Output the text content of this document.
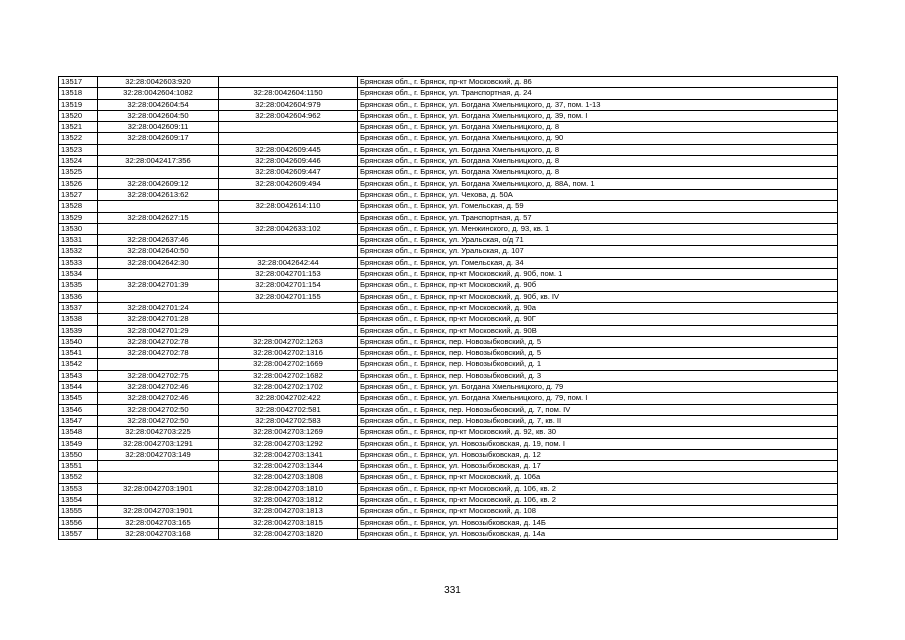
13517	32:28:0042603:920		Брянская обл., г. Брянск, пр-кт Московский, д. 86
13518	32:28:0042604:1082	32:28:0042604:1150	Брянская обл., г. Брянск, ул. Транспортная, д. 24
13519	32:28:0042604:54	32:28:0042604:979	Брянская обл., г. Брянск, ул. Богдана Хмельницкого, д. 37, пом. 1-13
13520	32:28:0042604:50	32:28:0042604:962	Брянская обл., г. Брянск, ул. Богдана Хмельницкого, д. 39, пом. I
13521	32:28:0042609:11		Брянская обл., г. Брянск, ул. Богдана Хмельницкого, д. 8
13522	32:28:0042609:17		Брянская обл., г. Брянск, ул. Богдана Хмельницкого, д. 90
13523		32:28:0042609:445	Брянская обл., г. Брянск, ул. Богдана Хмельницкого, д. 8
13524	32:28:0042417:356	32:28:0042609:446	Брянская обл., г. Брянск, ул. Богдана Хмельницкого, д. 8
13525		32:28:0042609:447	Брянская обл., г. Брянск, ул. Богдана Хмельницкого, д. 8
13526	32:28:0042609:12	32:28:0042609:494	Брянская обл., г. Брянск, ул. Богдана Хмельницкого, д. 88А, пом. 1
13527	32:28:0042613:62		Брянская обл., г. Брянск, ул. Чехова, д. 50А
13528		32:28:0042614:110	Брянская обл., г. Брянск, ул. Гомельская, д. 59
13529	32:28:0042627:15		Брянская обл., г. Брянск, ул. Транспортная, д. 57
13530		32:28:0042633:102	Брянская обл., г. Брянск, ул. Менжинского, д. 93, кв. 1
13531	32:28:0042637:46		Брянская обл., г. Брянск, ул. Уральская, о/д 71
13532	32:28:0042640:50		Брянская обл., г. Брянск, ул. Уральская, д. 107
13533	32:28:0042642:30	32:28:0042642:44	Брянская обл., г. Брянск, ул. Гомельская, д. 34
13534		32:28:0042701:153	Брянская обл., г. Брянск, пр-кт Московский, д. 90б, пом. 1
13535	32:28:0042701:39	32:28:0042701:154	Брянская обл., г. Брянск, пр-кт Московский, д. 90б
13536		32:28:0042701:155	Брянская обл., г. Брянск, пр-кт Московский, д. 90б, кв. IV
13537	32:28:0042701:24		Брянская обл., г. Брянск, пр-кт Московский, д. 90а
13538	32:28:0042701:28		Брянская обл., г. Брянск, пр-кт Московский, д. 90Г
13539	32:28:0042701:29		Брянская обл., г. Брянск, пр-кт Московский, д. 90В
13540	32:28:0042702:78	32:28:0042702:1263	Брянская обл., г. Брянск, пер. Новозыбковский, д. 5
13541	32:28:0042702:78	32:28:0042702:1316	Брянская обл., г. Брянск, пер. Новозыбковский, д. 5
13542		32:28:0042702:1669	Брянская обл., г. Брянск, пер. Новозыбковский, д. 1
13543	32:28:0042702:75	32:28:0042702:1682	Брянская обл., г. Брянск, пер. Новозыбковский, д. 3
13544	32:28:0042702:46	32:28:0042702:1702	Брянская обл., г. Брянск, ул. Богдана Хмельницкого, д. 79
13545	32:28:0042702:46	32:28:0042702:422	Брянская обл., г. Брянск, ул. Богдана Хмельницкого, д. 79, пом. I
13546	32:28:0042702:50	32:28:0042702:581	Брянская обл., г. Брянск, пер. Новозыбковский, д. 7, пом. IV
13547	32:28:0042702:50	32:28:0042702:583	Брянская обл., г. Брянск, пер. Новозыбковский, д. 7, кв. II
13548	32:28:0042703:225	32:28:0042703:1269	Брянская обл., г. Брянск, пр-кт Московский, д. 92, кв. 30
13549	32:28:0042703:1291	32:28:0042703:1292	Брянская обл., г. Брянск, ул. Новозыбковская, д. 19, пом. I
13550	32:28:0042703:149	32:28:0042703:1341	Брянская обл., г. Брянск, ул. Новозыбковская, д. 12
13551		32:28:0042703:1344	Брянская обл., г. Брянск, ул. Новозыбковская, д. 17
13552		32:28:0042703:1808	Брянская обл., г. Брянск, пр-кт Московский, д. 106а
13553	32:28:0042703:1901	32:28:0042703:1810	Брянская обл., г. Брянск, пр-кт Московский, д. 106, кв. 2
13554		32:28:0042703:1812	Брянская обл., г. Брянск, пр-кт Московский, д. 106, кв. 2
13555	32:28:0042703:1901	32:28:0042703:1813	Брянская обл., г. Брянск, пр-кт Московский, д. 108
13556	32:28:0042703:165	32:28:0042703:1815	Брянская обл., г. Брянск, ул. Новозыбковская, д. 14Б
13557	32:28:0042703:168	32:28:0042703:1820	Брянская обл., г. Брянск, ул. Новозыбковская, д. 14а
331
